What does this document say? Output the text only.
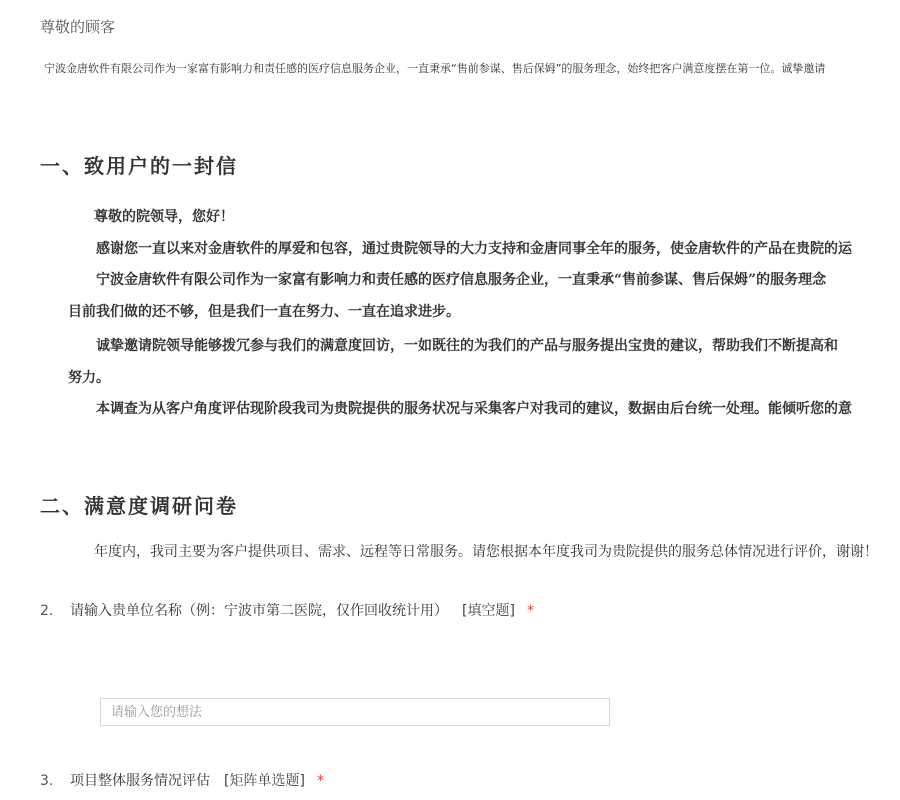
尊敬的顾客
宁波金唐软件有限公司作为一家富有影响力和责任感的医疗信息服务企业，一直秉承“售前参谋、售后保姆”的服务理念，始终把客户满意度摆在第一位。诚挚邀请
一、致用户的一封信
尊敬的院领导，您好！
感谢您一直以来对金唐软件的厚爱和包容，通过贵院领导的大力支持和金唐同事全年的服务，使金唐软件的产品在贵院的运
宁波金唐软件有限公司作为一家富有影响力和责任感的医疗信息服务企业，一直秉承“售前参谋、售后保姆”的服务理念
目前我们做的还不够，但是我们一直在努力、一直在追求进步。
诚挚邀请院领导能够拨冗参与我们的满意度回访，一如既往的为我们的产品与服务提出宝贵的建议，帮助我们不断提高和
努力。
本调查为从客户角度评估现阶段我司为贵院提供的服务状况与采集客户对我司的建议，数据由后台统一处理。能倾听您的意
二、满意度调研问卷
年度内，我司主要为客户提供项目、需求、远程等日常服务。请您根据本年度我司为贵院提供的服务总体情况进行评价，谢谢！
2. 请输入贵单位名称（例：宁波市第二医院，仅作回收统计用） [填空题] *
请输入您的想法
3. 项目整体服务情况评估 [矩阵单选题] *
